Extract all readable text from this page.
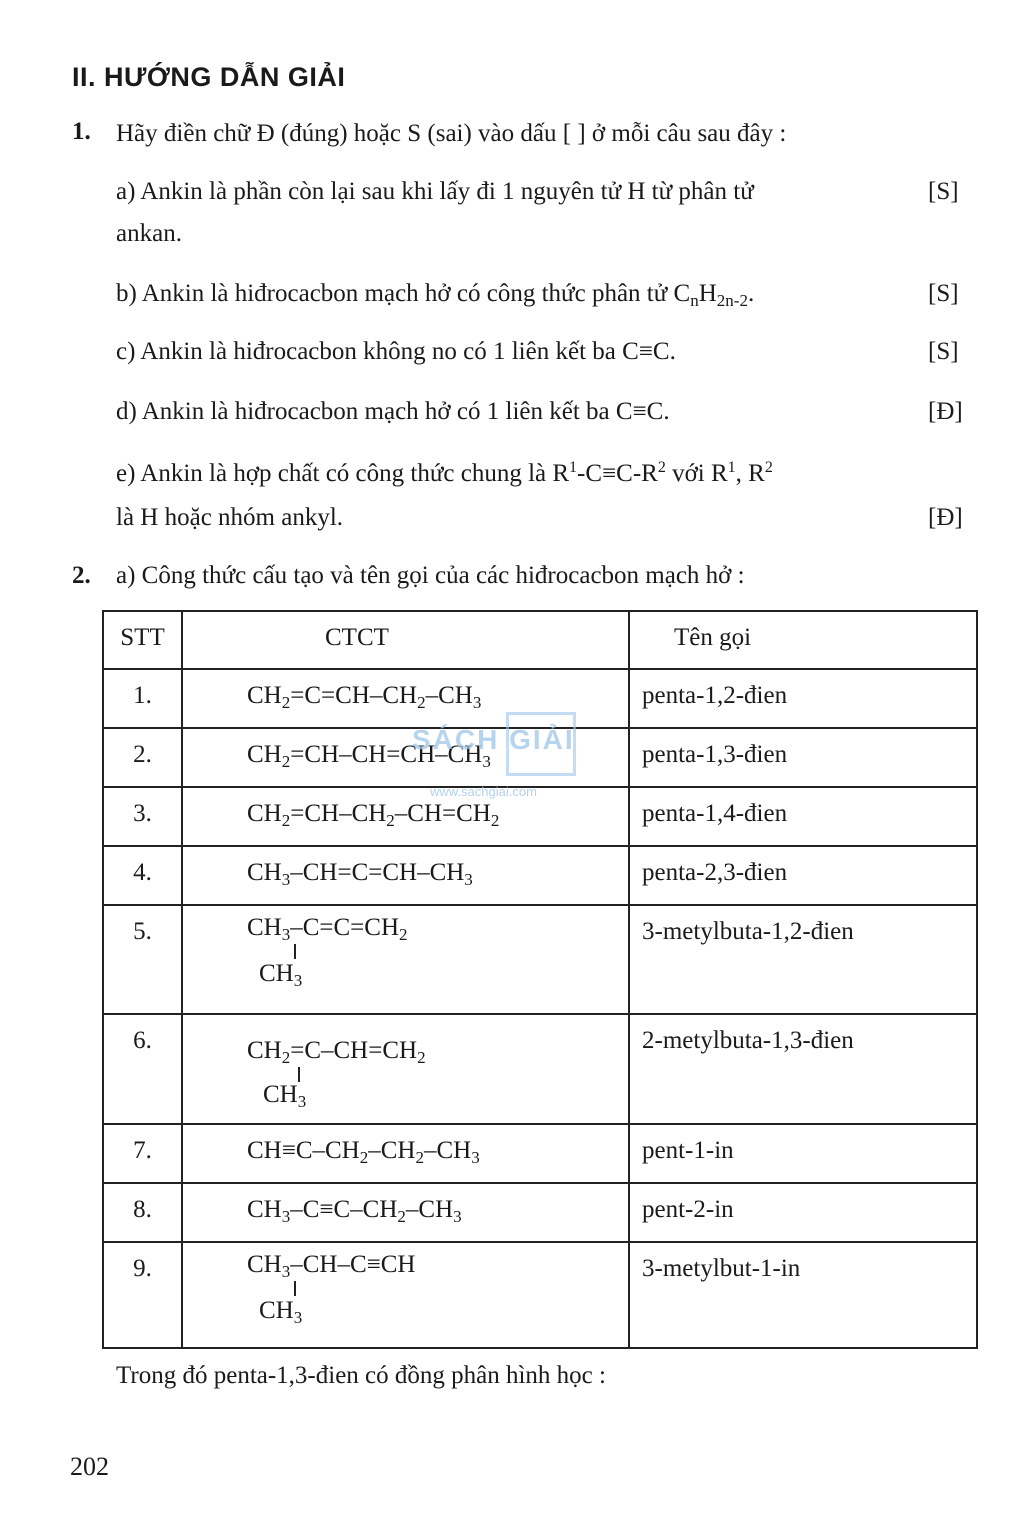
II. HƯỚNG DẪN GIẢI
1. Hãy điền chữ Đ (đúng) hoặc S (sai) vào dấu [ ] ở mỗi câu sau đây :
a) Ankin là phần còn lại sau khi lấy đi 1 nguyên tử H từ phân tử
ankan.
[S]
b) Ankin là hiđrocacbon mạch hở có công thức phân tử $C_nH_{2n-2}$.	[S]
c) Ankin là hiđrocacbon không no có 1 liên kết ba C≡C.	[S]
d) Ankin là hiđrocacbon mạch hở có 1 liên kết ba C≡C.	[Đ]
e) Ankin là hợp chất có công thức chung là $R^1-C\equiv C-R^2$ với $R^1$, $R^2$
là H hoặc nhóm ankyl.	[Đ]
2. a) Công thức cấu tạo và tên gọi của các hiđrocacbon mạch hở :
STT	CTCT	Tên gọi

1.	$CH_2=C=CH-CH_2-CH_3$	penta-1,2-đien

2.	$CH_2=CH-CH=CH-CH_3$	penta-1,3-đien

3.	$CH_2=CH-CH_2-CH=CH_2$	penta-1,4-đien

4.	$CH_3-CH=C=CH-CH_3$	penta-2,3-đien

5.	$CH_3-C=C=CH_2$
$CH_3$	3-metylbuta-1,2-đien

6.	$CH_2=C-CH=CH_2$
$CH_3$	2-metylbuta-1,3-đien

7.	$CH\equiv C-CH_2-CH_2-CH_3$	pent-1-in

8.	$CH_3-C\equiv C-CH_2-CH_3$	pent-2-in

9.	$CH_3-CH-C\equiv CH$
$CH_3$	3-metylbut-1-in
SÁCH GIẢI
www.sachgiai.com
Trong đó penta-1,3-đien có đồng phân hình học :
202
